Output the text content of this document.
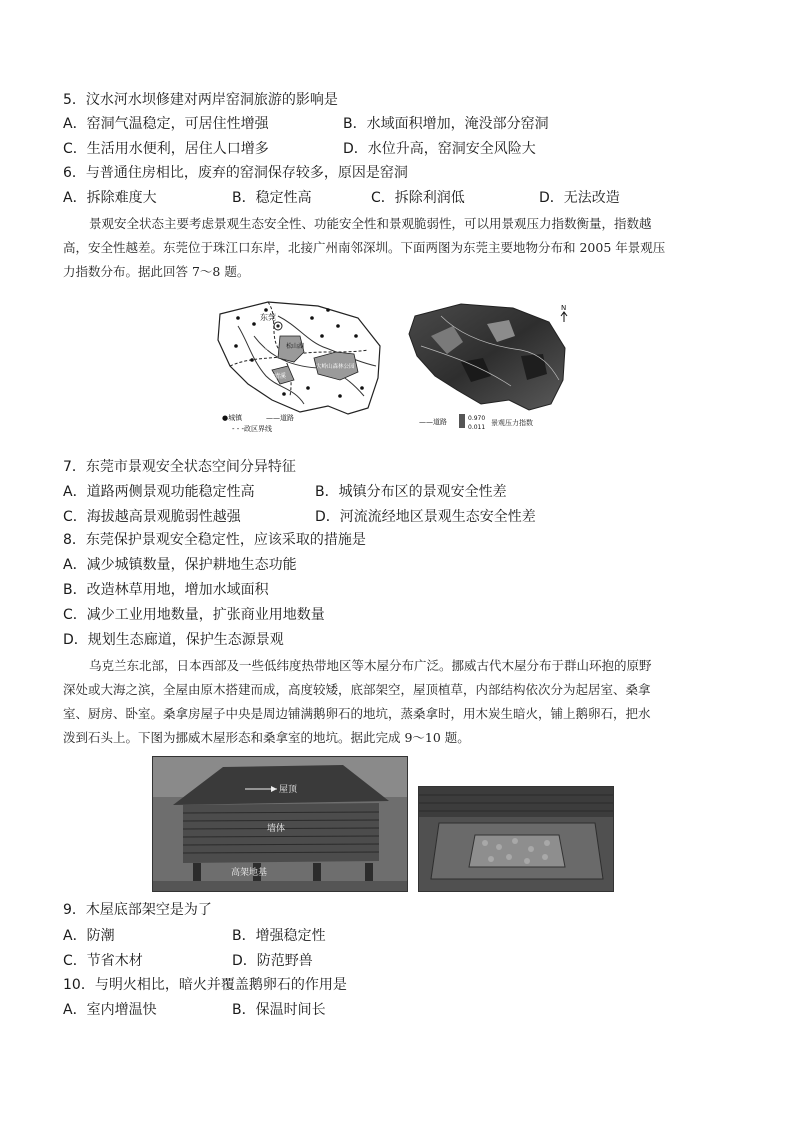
5．汶水河水坝修建对两岸窑洞旅游的影响是
A．窑洞气温稳定，可居住性增强	B．水域面积增加，淹没部分窑洞
C．生活用水便利，居住人口增多	D．水位升高，窑洞安全风险大
6．与普通住房相比，废弃的窑洞保存较多，原因是窑洞
A．拆除难度大	B．稳定性高	C．拆除利润低	D．无法改造
景观安全状态主要考虑景观生态安全性、功能安全性和景观脆弱性，可以用景观压力指数衡量，指数越
高，安全性越差。东莞位于珠江口东岸，北接广州南邻深圳。下面两图为东莞主要地物分布和 2005 年景观压
力指数分布。据此回答 7～8 题。
东莞
水乡 松山湖
清溪
大岭山森林公园
●城镇	——道路
- - -政区界线
N
——道路	0.970
0.011
景观压力指数
7．东莞市景观安全状态空间分异特征
A．道路两侧景观功能稳定性高	B．城镇分布区的景观安全性差
C．海拔越高景观脆弱性越强	D．河流流经地区景观生态安全性差
8．东莞保护景观安全稳定性，应该采取的措施是
A．减少城镇数量，保护耕地生态功能
B．改造林草用地，增加水域面积
C．减少工业用地数量，扩张商业用地数量
D．规划生态廊道，保护生态源景观
乌克兰东北部，日本西部及一些低纬度热带地区等木屋分布广泛。挪威古代木屋分布于群山环抱的原野
深处或大海之滨，全屋由原木搭建而成，高度较矮，底部架空，屋顶植草，内部结构依次分为起居室、桑拿
室、厨房、卧室。桑拿房屋子中央是周边铺满鹅卵石的地坑，蒸桑拿时，用木炭生暗火，铺上鹅卵石，把水
泼到石头上。下图为挪威木屋形态和桑拿室的地坑。据此完成 9～10 题。
屋顶
墙体
高架地基
9．木屋底部架空是为了
A．防潮	B．增强稳定性
C．节省木材	D．防范野兽
10．与明火相比，暗火并覆盖鹅卵石的作用是
A．室内增温快	B．保温时间长
